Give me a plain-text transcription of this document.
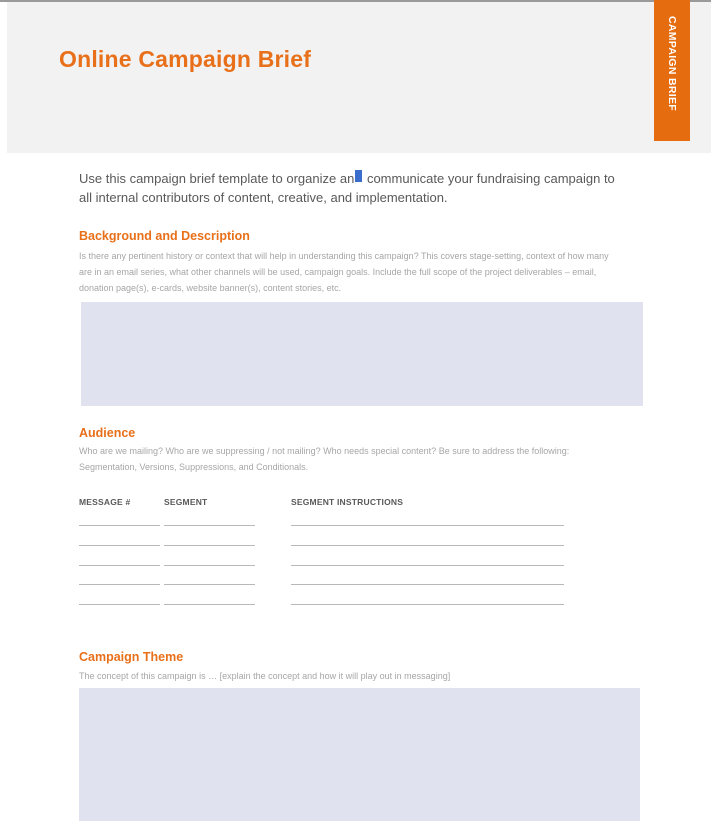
Online Campaign Brief	CAMPAIGN BRIEF

Use this campaign brief template to organize and communicate your fundraising campaign to all internal contributors of content, creative, and implementation.

Background and Description

Is there any pertinent history or context that will help in understanding this campaign? This covers stage-setting, context of how many are in an email series, what other channels will be used, campaign goals. Include the full scope of the project deliverables – email, donation page(s), e-cards, website banner(s), content stories, etc.

Audience

Who are we mailing? Who are we suppressing / not mailing? Who needs special content? Be sure to address the following: Segmentation, Versions, Suppressions, and Conditionals.

MESSAGE #	SEGMENT	SEGMENT INSTRUCTIONS
Campaign Theme

The concept of this campaign is … [explain the concept and how it will play out in messaging]
